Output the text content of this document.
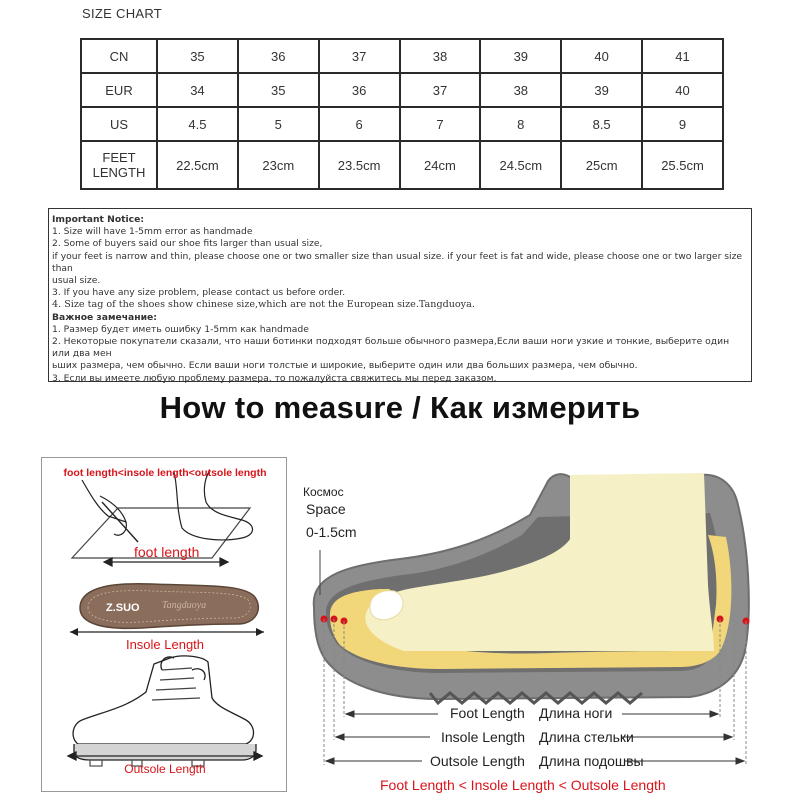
SIZE CHART
CN	35	36	37	38	39	40	41
EUR	34	35	36	37	38	39	40
US	4.5	5	6	7	8	8.5	9

FEET
LENGTH	22.5cm	23cm	23.5cm	24cm	24.5cm	25cm	25.5cm
Important Notice:
1. Size will have 1-5mm error as handmade
2. Some of buyers said our shoe fits larger than usual size,
if your feet is narrow and thin, please choose one or two smaller size than usual size. if your feet is fat and wide, please choose one or two larger size than
usual size.
3. If you have any size problem, please contact us before order.
4. Size tag of the shoes show chinese size,which are not the European size.Tangduoya.
Важное замечание:
1. Размер будет иметь ошибку 1-5mm как handmade
2. Некоторые покупатели сказали, что наши ботинки подходят больше обычного размера,Если ваши ноги узкие и тонкие, выберите один или два мен
ьших размера, чем обычно. Если ваши ноги толстые и широкие, выберите один или два больших размера, чем обычно.
3. Если вы имеете любую проблему размера, то пожалуйста свяжитесь мы перед заказом.
How to measure / Как измерить
Z.SUO Tangduoya
foot length<insole length<outsole length
foot length
Insole Length
Outsole Length
Космос
Space
0-1.5cm
Foot Length Длина ноги
Insole Length Длина стельки
Outsole Length Длина подошвы
Foot Length < Insole Length < Outsole Length
